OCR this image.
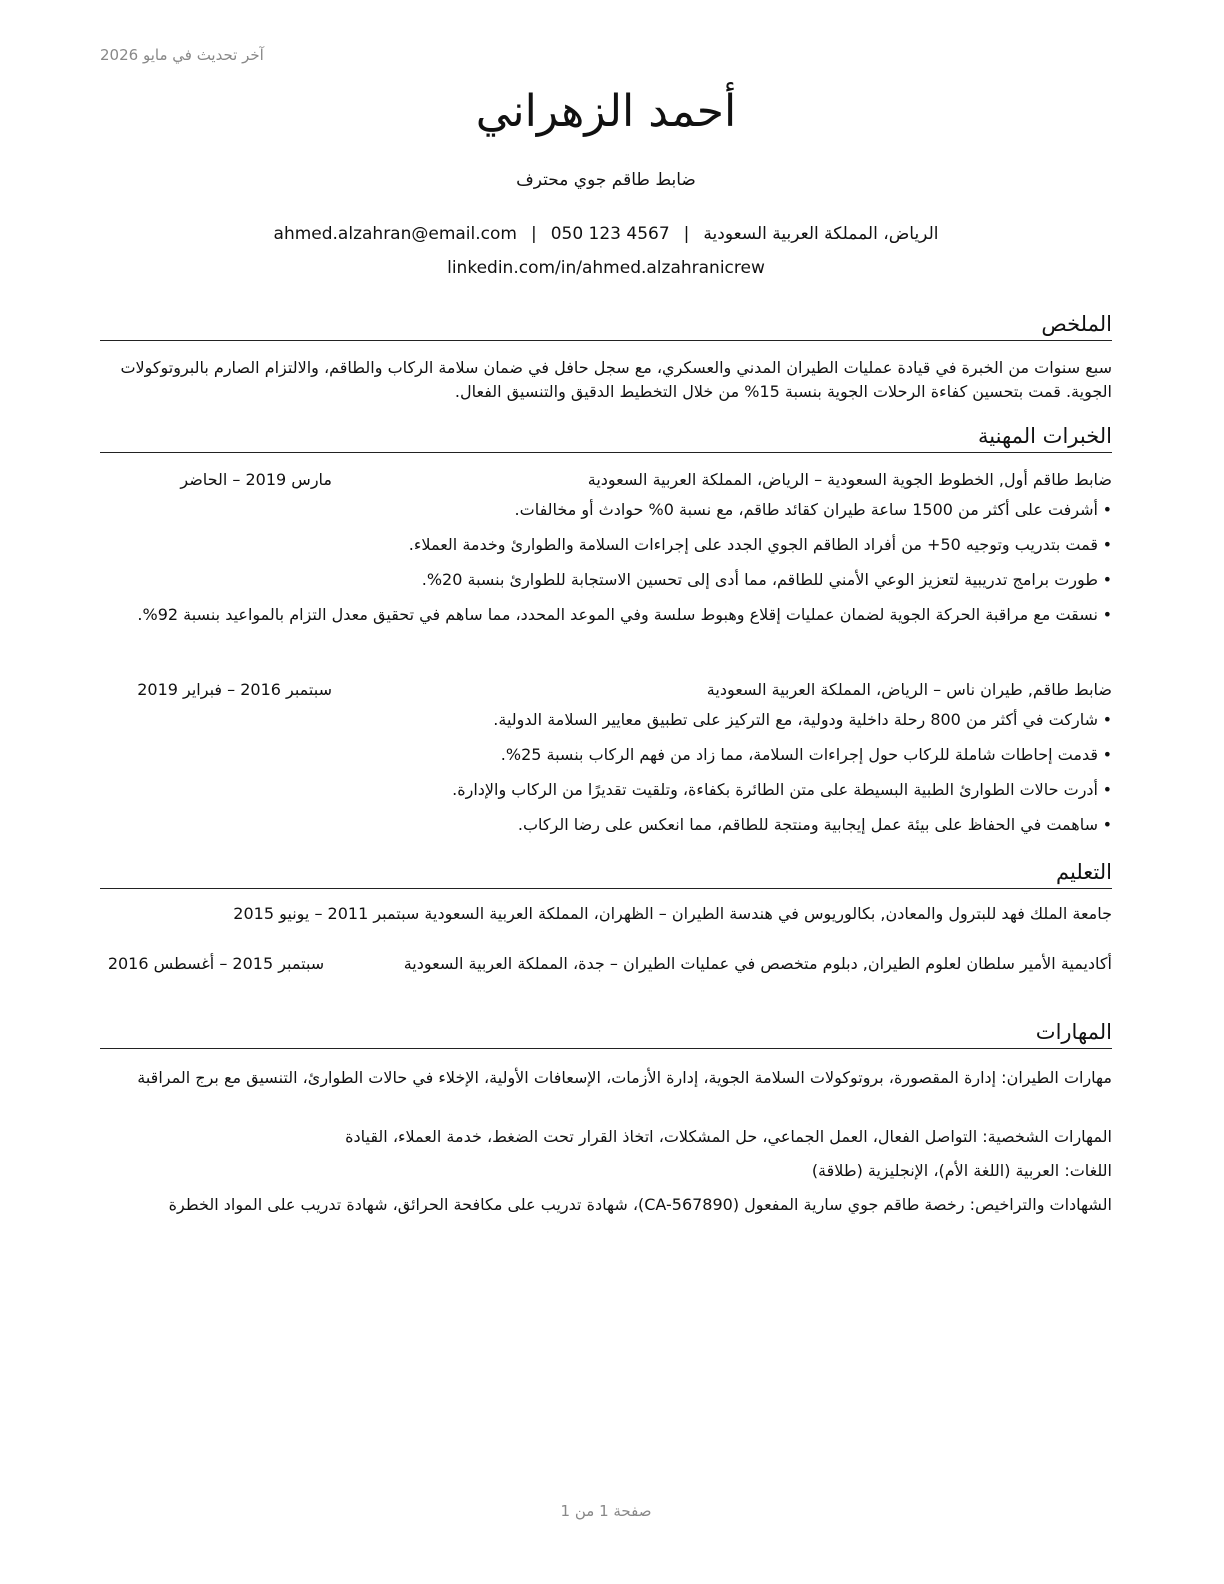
آخر تحديث في مايو 2026
أحمد الزهراني
ضابط طاقم جوي محترف
الرياض، المملكة العربية السعودية|ahmed.alzahran@email.com | 050 123 4567
linkedin.com/in/ahmed.alzahranicrew
الملخص
سبع سنوات من الخبرة في قيادة عمليات الطيران المدني والعسكري، مع سجل حافل في ضمان سلامة الركاب والطاقم، والالتزام الصارم بالبروتوكولات الجوية. قمت بتحسين كفاءة الرحلات الجوية بنسبة 15% من خلال التخطيط الدقيق والتنسيق الفعال.
الخبرات المهنية
ضابط طاقم أول, الخطوط الجوية السعودية – الرياض، المملكة العربية السعودية
مارس 2019 – الحاضر
•أشرفت على أكثر من 1500 ساعة طيران كقائد طاقم، مع نسبة 0% حوادث أو مخالفات.
•قمت بتدريب وتوجيه 50+ من أفراد الطاقم الجوي الجدد على إجراءات السلامة والطوارئ وخدمة العملاء.
•طورت برامج تدريبية لتعزيز الوعي الأمني للطاقم، مما أدى إلى تحسين الاستجابة للطوارئ بنسبة 20%.
•نسقت مع مراقبة الحركة الجوية لضمان عمليات إقلاع وهبوط سلسة وفي الموعد المحدد، مما ساهم في تحقيق معدل التزام بالمواعيد بنسبة 92%.
ضابط طاقم, طيران ناس – الرياض، المملكة العربية السعودية
سبتمبر 2016 – فبراير 2019
•شاركت في أكثر من 800 رحلة داخلية ودولية، مع التركيز على تطبيق معايير السلامة الدولية.
•قدمت إحاطات شاملة للركاب حول إجراءات السلامة، مما زاد من فهم الركاب بنسبة 25%.
•أدرت حالات الطوارئ الطبية البسيطة على متن الطائرة بكفاءة، وتلقيت تقديرًا من الركاب والإدارة.
•ساهمت في الحفاظ على بيئة عمل إيجابية ومنتجة للطاقم، مما انعكس على رضا الركاب.
التعليم
جامعة الملك فهد للبترول والمعادن, بكالوريوس في هندسة الطيران – الظهران، المملكة العربية السعودية سبتمبر 2011 – يونيو 2015
أكاديمية الأمير سلطان لعلوم الطيران, دبلوم متخصص في عمليات الطيران – جدة، المملكة العربية السعودية
سبتمبر 2015 – أغسطس 2016
المهارات
مهارات الطيران: إدارة المقصورة، بروتوكولات السلامة الجوية، إدارة الأزمات، الإسعافات الأولية، الإخلاء في حالات الطوارئ، التنسيق مع برج المراقبة
المهارات الشخصية: التواصل الفعال، العمل الجماعي، حل المشكلات، اتخاذ القرار تحت الضغط، خدمة العملاء، القيادة
اللغات: العربية (اللغة الأم)، الإنجليزية (طلاقة)
الشهادات والتراخيص: رخصة طاقم جوي سارية المفعول (CA-567890)، شهادة تدريب على مكافحة الحرائق، شهادة تدريب على المواد الخطرة
صفحة 1 من 1
